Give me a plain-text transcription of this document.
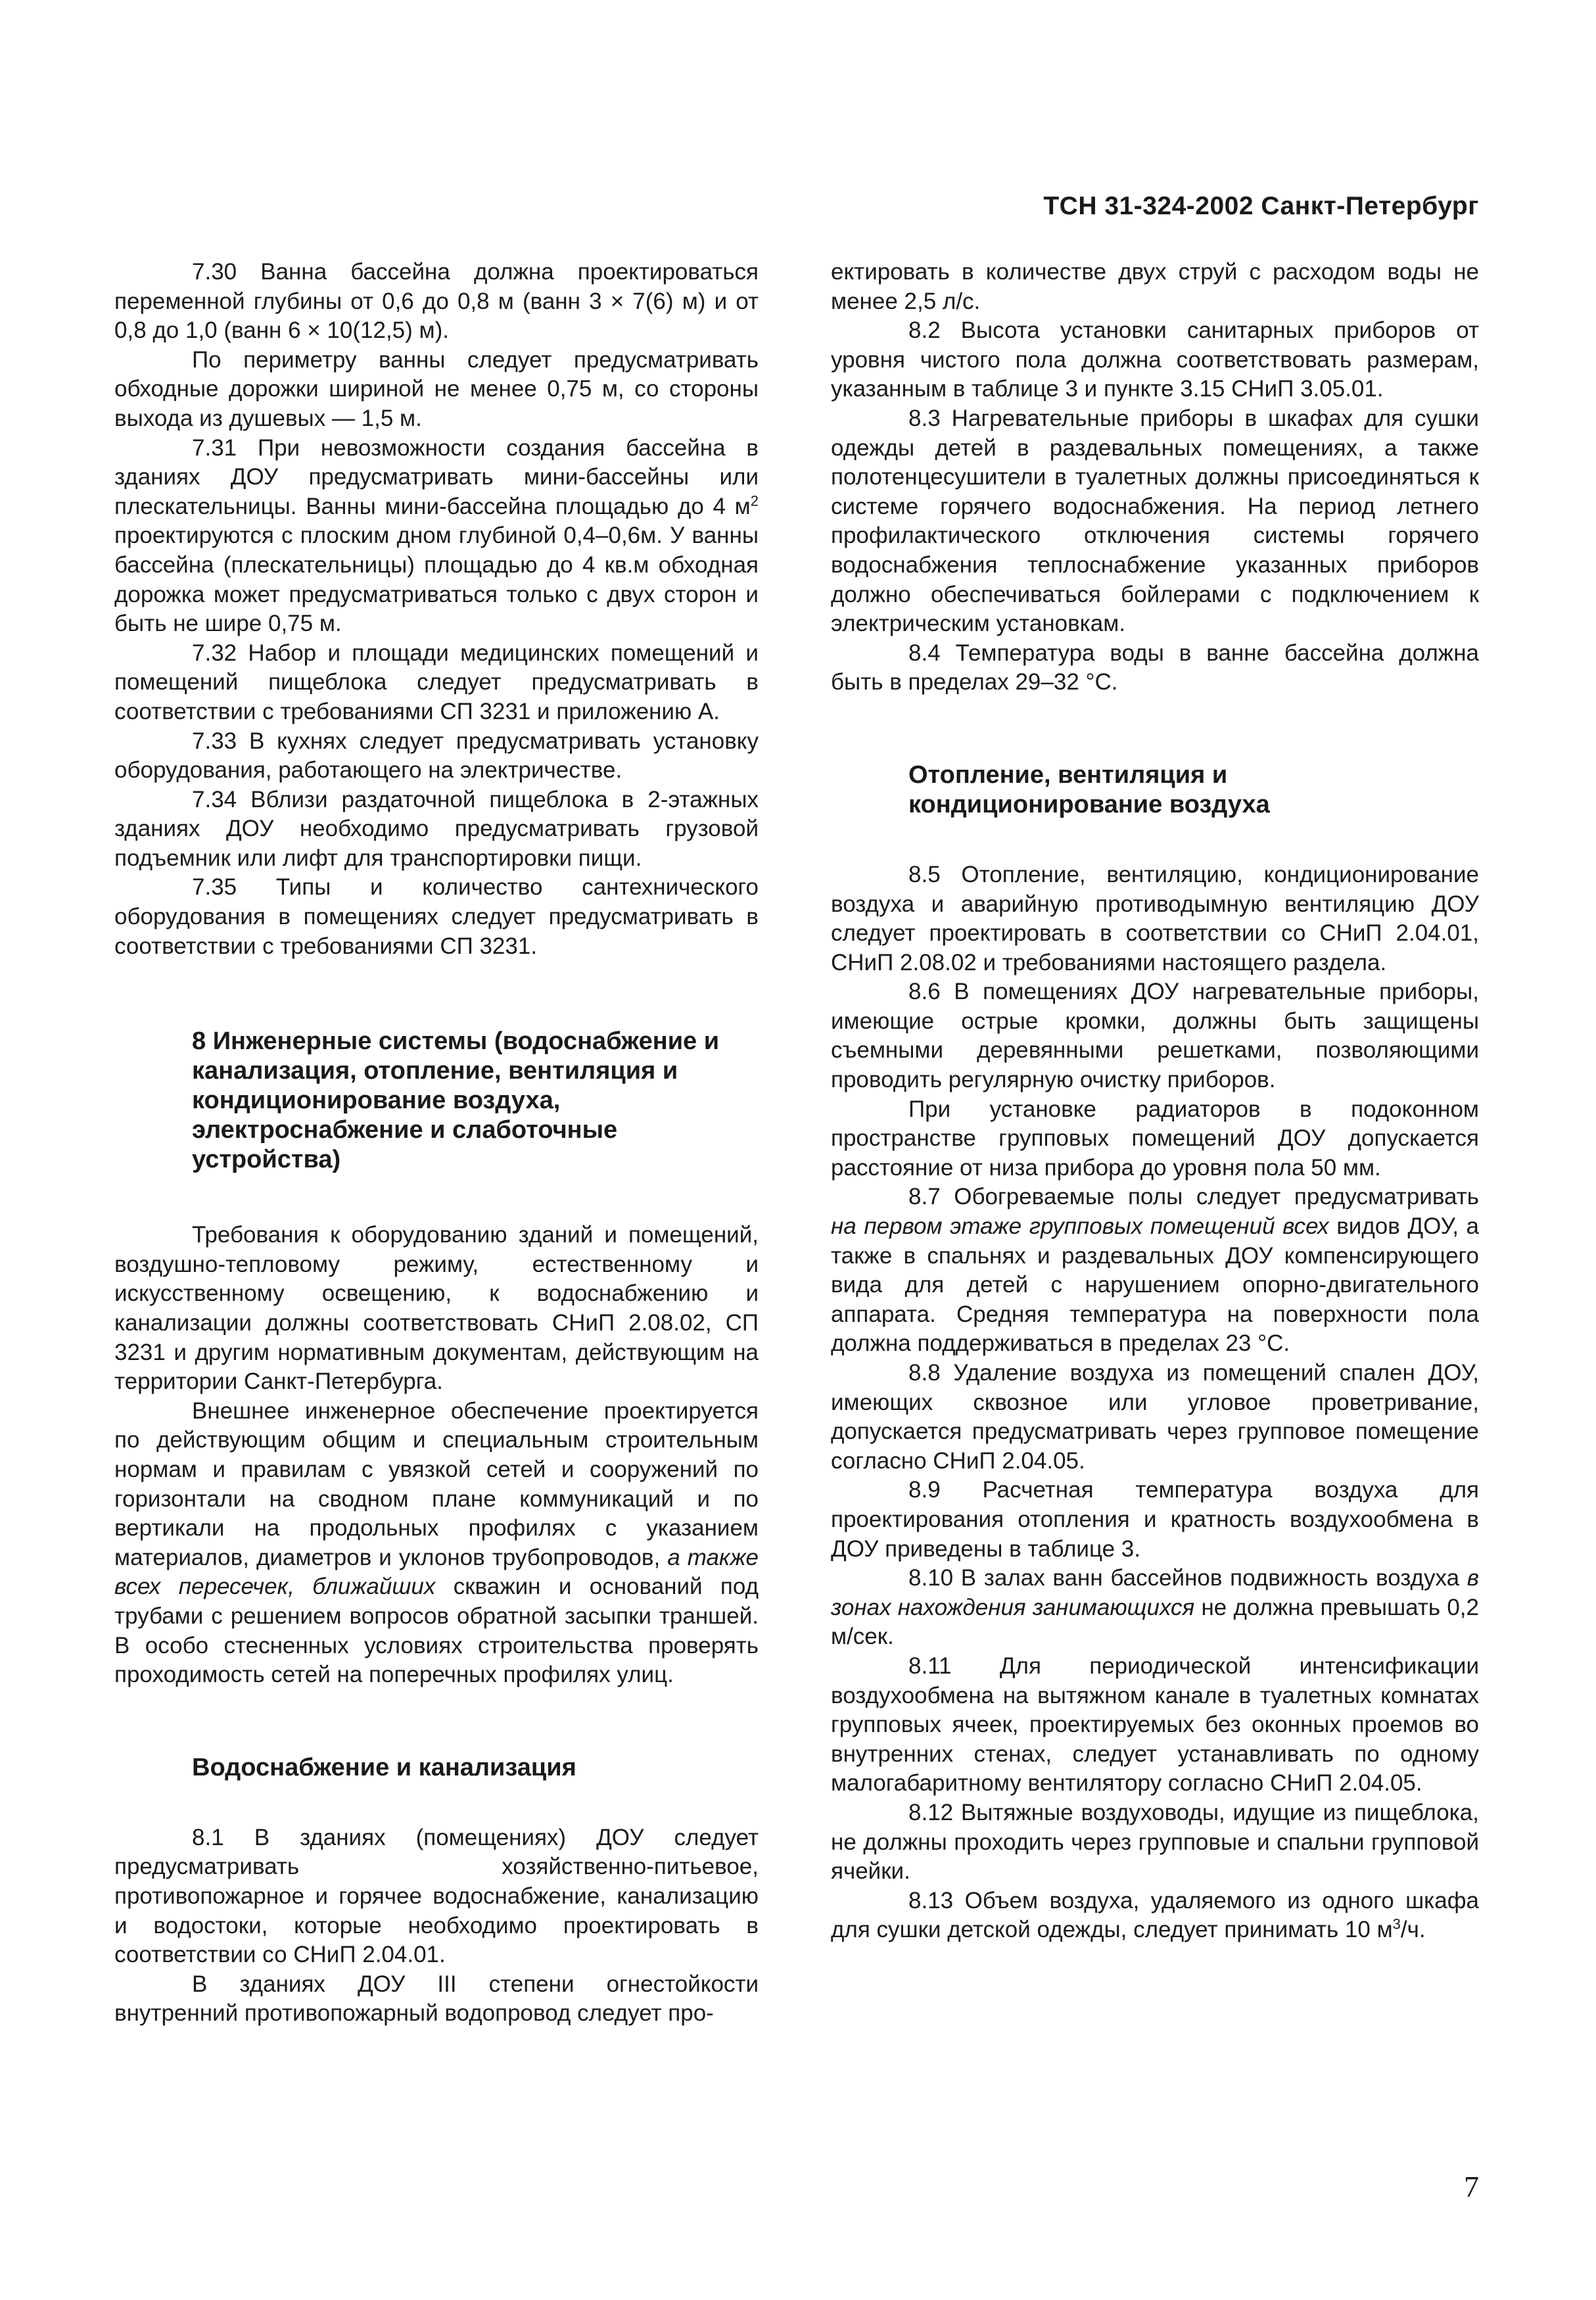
ТСН 31-324-2002 Санкт-Петербург

7.30 Ванна бассейна должна проектироваться переменной глубины от 0,6 до 0,8 м (ванн 3 × 7(6) м) и от 0,8 до 1,0 (ванн 6 × 10(12,5) м).

По периметру ванны следует предусматривать обходные дорожки шириной не менее 0,75 м, со стороны выхода из душевых — 1,5 м.

7.31 При невозможности создания бассейна в зданиях ДОУ предусматривать мини-бассейны или плескательницы. Ванны мини-бассейна площадью до 4 $м^2$ проектируются с плоским дном глубиной 0,4–0,6м. У ванны бассейна (плескательницы) площадью до 4 кв.м обходная дорожка может предусматриваться только с двух сторон и быть не шире 0,75 м.

7.32 Набор и площади медицинских помещений и помещений пищеблока следует предусматривать в соответствии с требованиями СП 3231 и приложению А.

7.33 В кухнях следует предусматривать установку оборудования, работающего на электричестве.

7.34 Вблизи раздаточной пищеблока в 2-этажных зданиях ДОУ необходимо предусматривать грузовой подъемник или лифт для транспортировки пищи.

7.35 Типы и количество сантехнического оборудования в помещениях следует предусматривать в соответствии с требованиями СП 3231.

8 Инженерные системы (водоснабжение и канализация, отопление, вентиляция и кондиционирование воздуха, электроснабжение и слаботочные устройства)

Требования к оборудованию зданий и помещений, воздушно-тепловому режиму, естественному и искусственному освещению, к водоснабжению и канализации должны соответствовать СНиП 2.08.02, СП 3231 и другим нормативным документам, действующим на территории Санкт-Петербурга.

Внешнее инженерное обеспечение проектируется по действующим общим и специальным строительным нормам и правилам с увязкой сетей и сооружений по горизонтали на сводном плане коммуникаций и по вертикали на продольных профилях с указанием материалов, диаметров и уклонов трубопроводов, а также всех пересечек, ближайших скважин и оснований под трубами с решением вопросов обратной засыпки траншей. В особо стесненных условиях строительства проверять проходимость сетей на поперечных профилях улиц.

Водоснабжение и канализация

8.1 В зданиях (помещениях) ДОУ следует предусматривать хозяйственно-питьевое, противопожарное и горячее водоснабжение, канализацию и водостоки, которые необходимо проектировать в соответствии со СНиП 2.04.01.

В зданиях ДОУ III степени огнестойкости внутренний противопожарный водопровод следует про-

ектировать в количестве двух струй с расходом воды не менее 2,5 л/с.

8.2 Высота установки санитарных приборов от уровня чистого пола должна соответствовать размерам, указанным в таблице 3 и пункте 3.15 СНиП 3.05.01.

8.3 Нагревательные приборы в шкафах для сушки одежды детей в раздевальных помещениях, а также полотенцесушители в туалетных должны присоединяться к системе горячего водоснабжения. На период летнего профилактического отключения системы горячего водоснабжения теплоснабжение указанных приборов должно обеспечиваться бойлерами с подключением к электрическим установкам.

8.4 Температура воды в ванне бассейна должна быть в пределах 29–32 °С.

Отопление, вентиляция и кондиционирование воздуха

8.5 Отопление, вентиляцию, кондиционирование воздуха и аварийную противодымную вентиляцию ДОУ следует проектировать в соответствии со СНиП 2.04.01, СНиП 2.08.02 и требованиями настоящего раздела.

8.6 В помещениях ДОУ нагревательные приборы, имеющие острые кромки, должны быть защищены съемными деревянными решетками, позволяющими проводить регулярную очистку приборов.

При установке радиаторов в подоконном пространстве групповых помещений ДОУ допускается расстояние от низа прибора до уровня пола 50 мм.

8.7 Обогреваемые полы следует предусматривать на первом этаже групповых помещений всех видов ДОУ, а также в спальнях и раздевальных ДОУ компенсирующего вида для детей с нарушением опорно-двигательного аппарата. Средняя температура на поверхности пола должна поддерживаться в пределах 23 °С.

8.8 Удаление воздуха из помещений спален ДОУ, имеющих сквозное или угловое проветривание, допускается предусматривать через групповое помещение согласно СНиП 2.04.05.

8.9 Расчетная температура воздуха для проектирования отопления и кратность воздухообмена в ДОУ приведены в таблице 3.

8.10 В залах ванн бассейнов подвижность воздуха в зонах нахождения занимающихся не должна превышать 0,2 м/сек.

8.11 Для периодической интенсификации воздухообмена на вытяжном канале в туалетных комнатах групповых ячеек, проектируемых без оконных проемов во внутренних стенах, следует устанавливать по одному малогабаритному вентилятору согласно СНиП 2.04.05.

8.12 Вытяжные воздуховоды, идущие из пищеблока, не должны проходить через групповые и спальни групповой ячейки.

8.13 Объем воздуха, удаляемого из одного шкафа для сушки детской одежды, следует принимать 10 $м^3/ч$.

7
